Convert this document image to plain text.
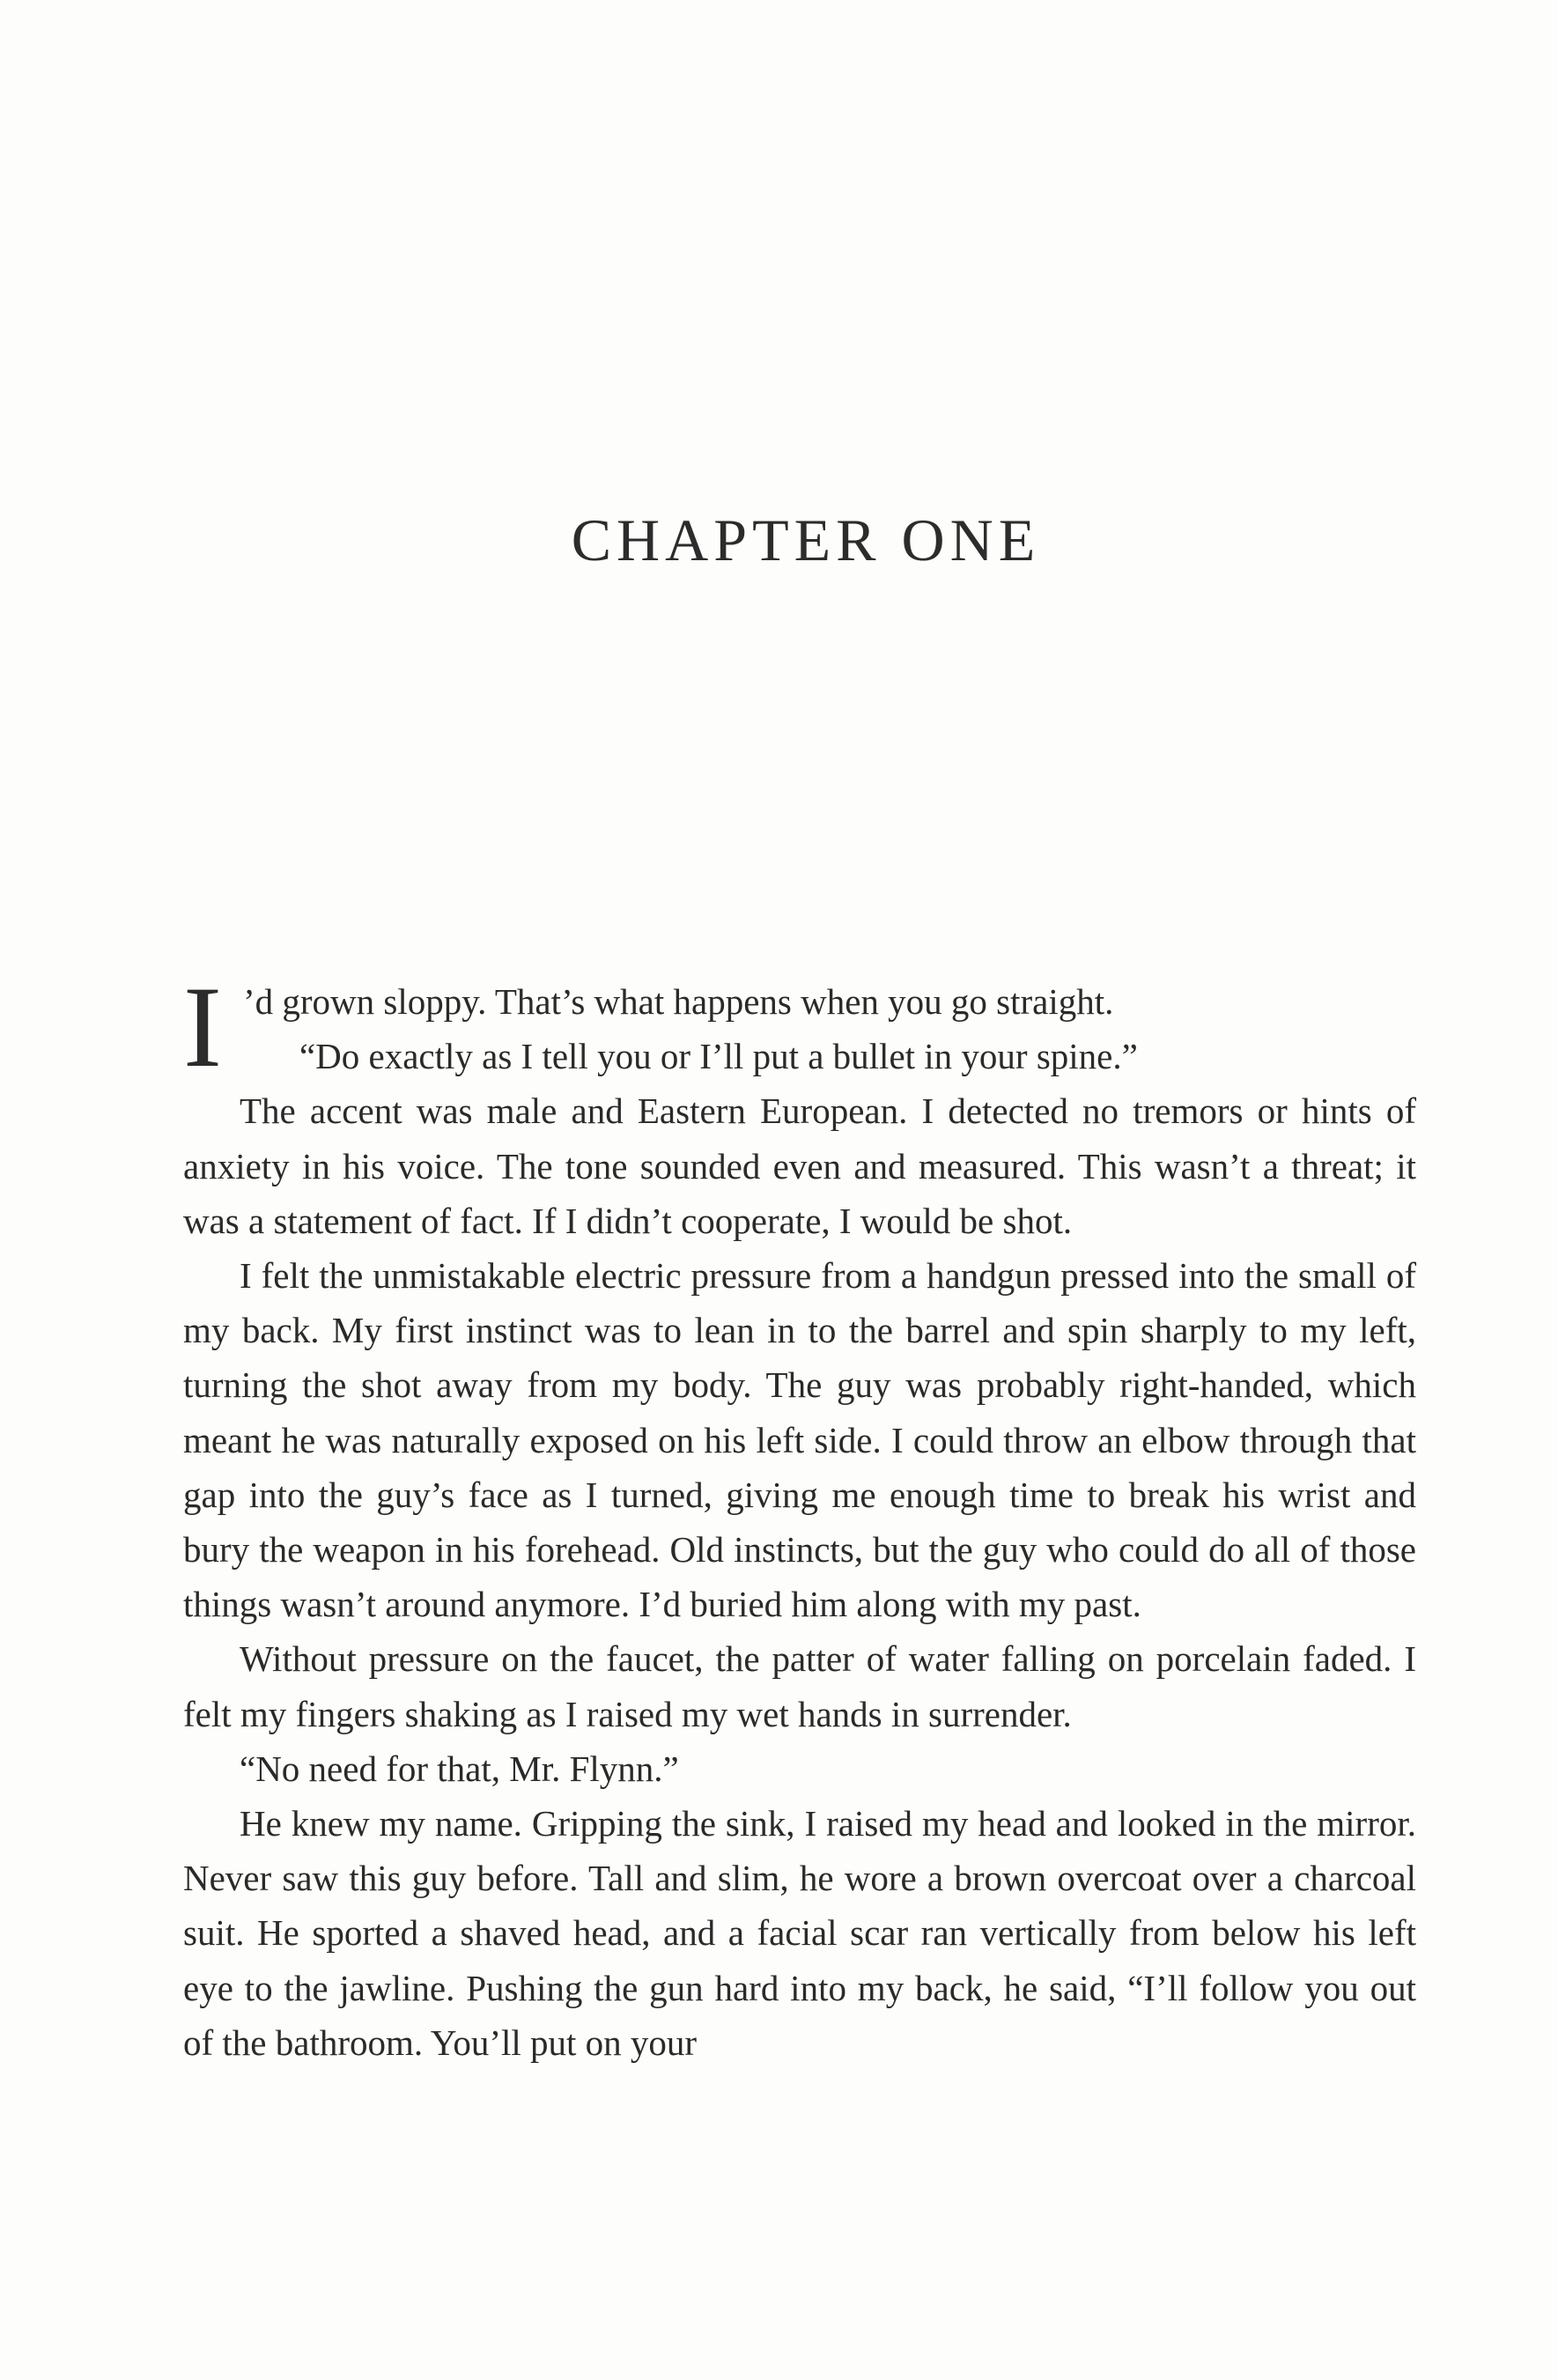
CHAPTER ONE

I ’d grown sloppy. That’s what happens when you go straight.

“Do exactly as I tell you or I’ll put a bullet in your spine.”

The accent was male and Eastern European. I detected no tremors or hints of anxiety in his voice. The tone sounded even and measured. This wasn’t a threat; it was a statement of fact. If I didn’t cooperate, I would be shot.

I felt the unmistakable electric pressure from a handgun pressed into the small of my back. My first instinct was to lean in to the barrel and spin sharply to my left, turning the shot away from my body. The guy was probably right-handed, which meant he was naturally exposed on his left side. I could throw an elbow through that gap into the guy’s face as I turned, giving me enough time to break his wrist and bury the weapon in his forehead. Old instincts, but the guy who could do all of those things wasn’t around anymore. I’d buried him along with my past.

Without pressure on the faucet, the patter of water falling on porcelain faded. I felt my fingers shaking as I raised my wet hands in surrender.

“No need for that, Mr. Flynn.”

He knew my name. Gripping the sink, I raised my head and looked in the mirror. Never saw this guy before. Tall and slim, he wore a brown overcoat over a charcoal suit. He sported a shaved head, and a facial scar ran vertically from below his left eye to the jawline. Pushing the gun hard into my back, he said, “I’ll follow you out of the bathroom. You’ll put on your
